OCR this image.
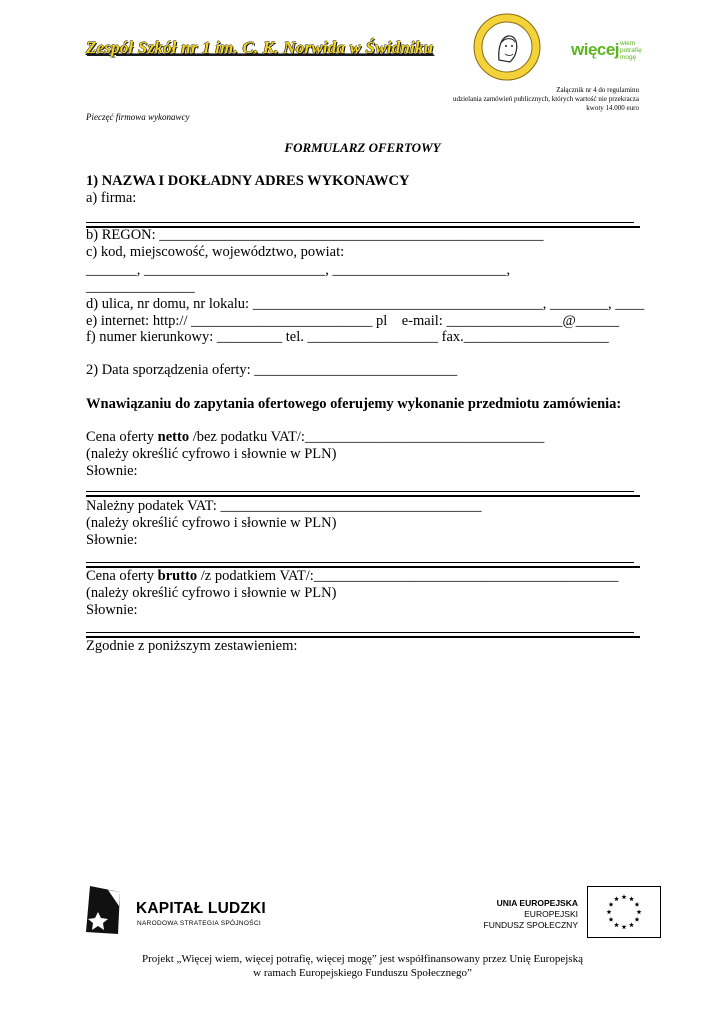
Zespół Szkół nr 1 im. C. K. Norwida w Świdniku	więcej wiem
potrafię
mogę
Załącznik nr 4 do regulaminu
udzielania zamówień publicznych, których wartość nie przekracza
kwoty 14.000 euro
Pieczęć firmowa wykonawcy
FORMULARZ OFERTOWY
1) NAZWA I DOKŁADNY ADRES WYKONAWCY
a) firma:
b) REGON: _____________________________________________________
c) kod, miejscowość, województwo, powiat:
_______, _________________________, ________________________,
_______________
d) ulica, nr domu, nr lokalu: ________________________________________, ________, ____
e) internet: http:// _________________________ pl    e-mail: ________________@______
f) numer kierunkowy: _________ tel. __________________ fax.____________________
2) Data sporządzenia oferty: ____________________________
Wnawiązaniu do zapytania ofertowego oferujemy wykonanie przedmiotu zamówienia:
Cena oferty netto /bez podatku VAT/:_________________________________
(należy określić cyfrowo i słownie w PLN)
Słownie:
Należny podatek VAT: ____________________________________
(należy określić cyfrowo i słownie w PLN)
Słownie:
Cena oferty brutto /z podatkiem VAT/:__________________________________________
(należy określić cyfrowo i słownie w PLN)
Słownie:
Zgodnie z poniższym zestawieniem:
KAPITAŁ LUDZKI
NARODOWA STRATEGIA SPÓJNOŚCI
UNIA EUROPEJSKA
EUROPEJSKI
FUNDUSZ SPOŁECZNY
Projekt „Więcej wiem, więcej potrafię, więcej mogę” jest współfinansowany przez Unię Europejską
w ramach Europejskiego Funduszu Społecznego”
